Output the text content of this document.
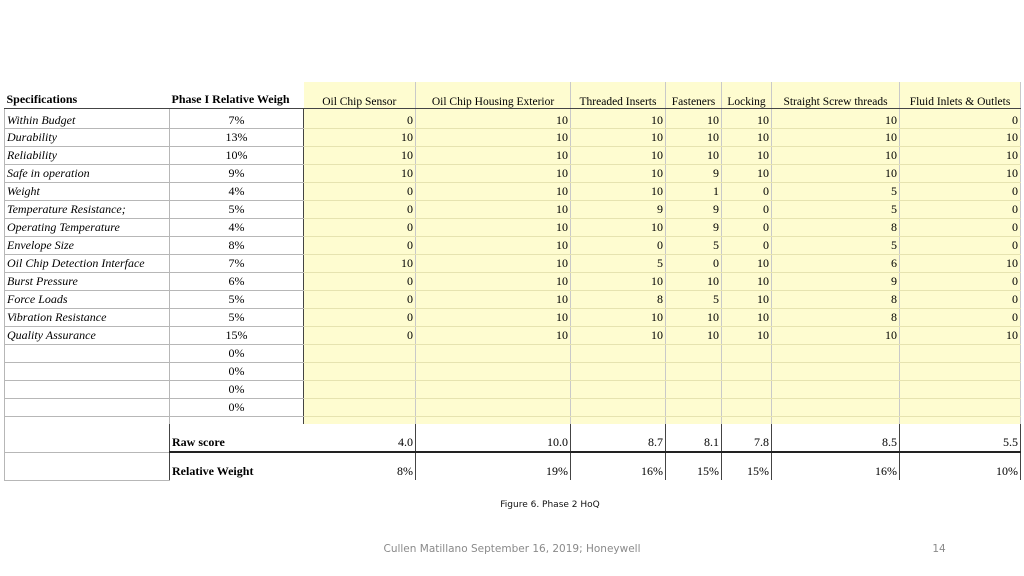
Specifications	Phase I Relative Weigh	Oil Chip Sensor	Oil Chip Housing Exterior	Threaded Inserts	Fasteners	Locking	Straight Screw threads	Fluid Inlets & Outlets
Within Budget	7%	0	10	10	10	10	10	0
Durability	13%	10	10	10	10	10	10	10
Reliability	10%	10	10	10	10	10	10	10
Safe in operation	9%	10	10	10	9	10	10	10
Weight	4%	0	10	10	1	0	5	0
Temperature Resistance;	5%	0	10	9	9	0	5	0
Operating Temperature	4%	0	10	10	9	0	8	0
Envelope Size	8%	0	10	0	5	0	5	0
Oil Chip Detection Interface	7%	10	10	5	0	10	6	10
Burst Pressure	6%	0	10	10	10	10	9	0
Force Loads	5%	0	10	8	5	10	8	0
Vibration Resistance	5%	0	10	10	10	10	8	0
Quality Assurance	15%	0	10	10	10	10	10	10
	0%							
	0%							
	0%							
	0%							

	Raw score	4.0	10.0	8.7	8.1	7.8	8.5	5.5
	Relative Weight	8%	19%	16%	15%	15%	16%	10%
Figure 6. Phase 2 HoQ
Cullen Matillano September 16, 2019; Honeywell	14
